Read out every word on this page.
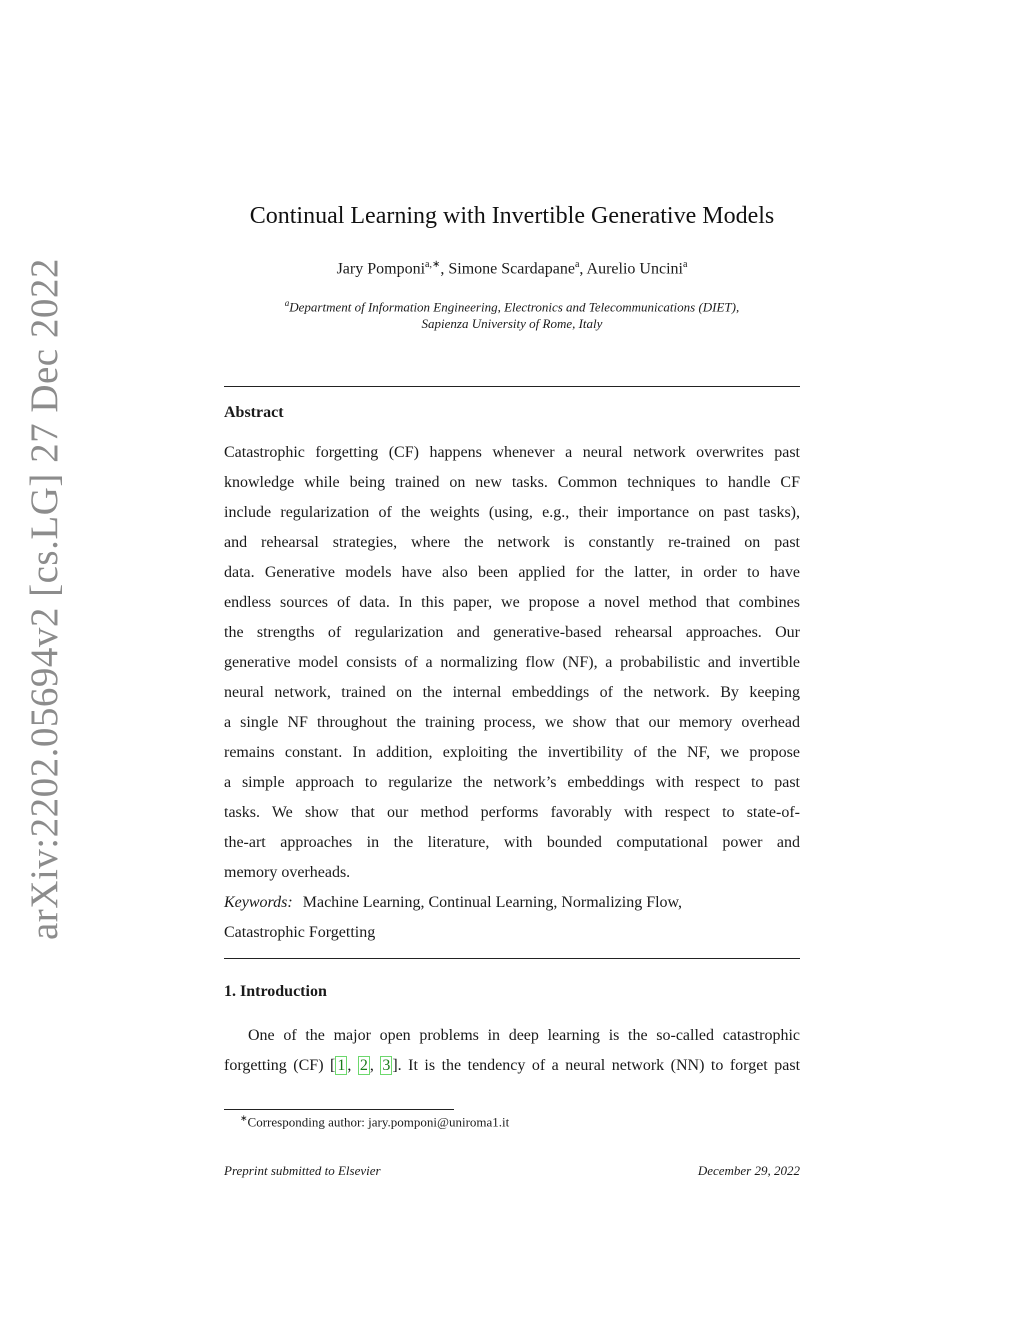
arXiv:2202.05694v2 [cs.LG] 27 Dec 2022
Continual Learning with Invertible Generative Models
Jary Pomponi$^{a,∗}$, Simone Scardapane$^a$, Aurelio Uncini$^a$
$^a$Department of Information Engineering, Electronics and Telecommunications (DIET),
Sapienza University of Rome, Italy
Abstract
Catastrophic forgetting (CF) happens whenever a neural network overwrites past
knowledge while being trained on new tasks. Common techniques to handle CF
include regularization of the weights (using, e.g., their importance on past tasks),
and rehearsal strategies, where the network is constantly re-trained on past
data. Generative models have also been applied for the latter, in order to have
endless sources of data. In this paper, we propose a novel method that combines
the strengths of regularization and generative-based rehearsal approaches. Our
generative model consists of a normalizing flow (NF), a probabilistic and invertible
neural network, trained on the internal embeddings of the network. By keeping
a single NF throughout the training process, we show that our memory overhead
remains constant. In addition, exploiting the invertibility of the NF, we propose
a simple approach to regularize the network’s embeddings with respect to past
tasks. We show that our method performs favorably with respect to state-of-
the-art approaches in the literature, with bounded computational power and
memory overheads.
Keywords: Machine Learning, Continual Learning, Normalizing Flow,
Catastrophic Forgetting
1. Introduction
One of the major open problems in deep learning is the so-called catastrophic
forgetting (CF) [ 1 , 2 , 3 ]. It is the tendency of a neural network (NN) to forget past
∗Corresponding author: jary.pomponi@uniroma1.it
Preprint submitted to Elsevier	December 29, 2022
